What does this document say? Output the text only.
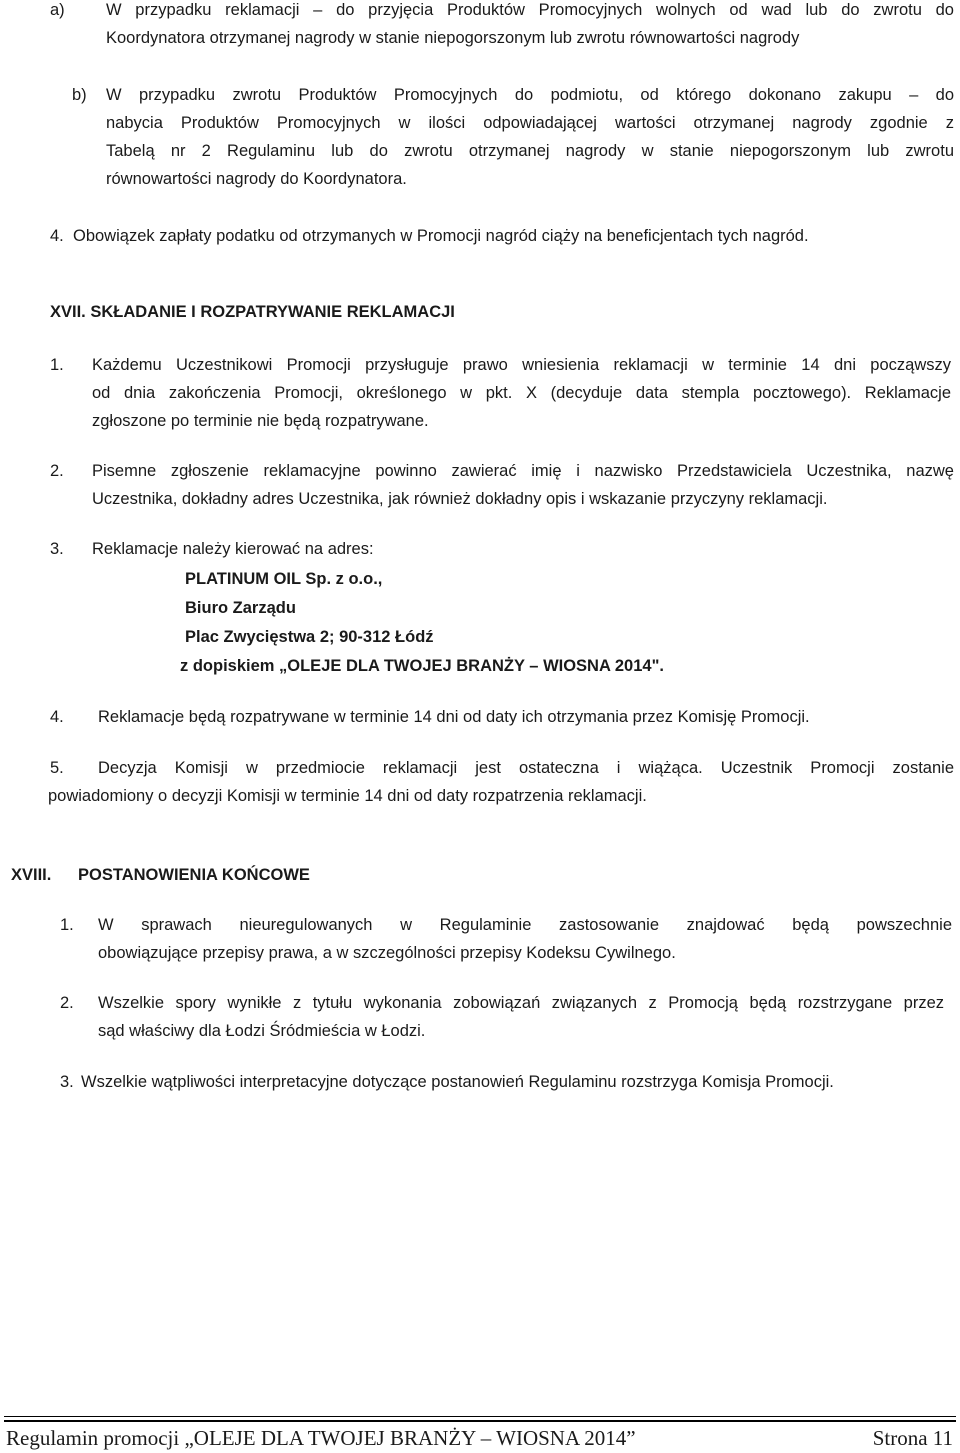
a)	W przypadku reklamacji – do przyjęcia Produktów Promocyjnych wolnych od wad lub do zwrotu do
Koordynatora otrzymanej nagrody w stanie niepogorszonym lub zwrotu równowartości nagrody
b) W przypadku zwrotu Produktów Promocyjnych do podmiotu, od którego dokonano zakupu – do
nabycia Produktów Promocyjnych w ilości odpowiadającej wartości otrzymanej nagrody zgodnie z
Tabelą nr 2 Regulaminu lub do zwrotu otrzymanej nagrody w stanie niepogorszonym lub zwrotu
równowartości nagrody do Koordynatora.
4. Obowiązek zapłaty podatku od otrzymanych w Promocji nagród ciąży na beneficjentach tych nagród.
XVII. SKŁADANIE I ROZPATRYWANIE REKLAMACJI
1. Każdemu Uczestnikowi Promocji przysługuje prawo wniesienia reklamacji w terminie 14 dni począwszy
od dnia zakończenia Promocji, określonego w pkt. X (decyduje data stempla pocztowego). Reklamacje
zgłoszone po terminie nie będą rozpatrywane.
2. Pisemne zgłoszenie reklamacyjne powinno zawierać imię i nazwisko Przedstawiciela Uczestnika, nazwę
Uczestnika, dokładny adres Uczestnika, jak również dokładny opis i wskazanie przyczyny reklamacji.
3. Reklamacje należy kierować na adres:
PLATINUM OIL Sp. z o.o.,
Biuro Zarządu
Plac Zwycięstwa 2; 90-312 Łódź
z dopiskiem „OLEJE DLA TWOJEJ BRANŻY – WIOSNA 2014".
4. Reklamacje będą rozpatrywane w terminie 14 dni od daty ich otrzymania przez Komisję Promocji.
5. Decyzja Komisji w przedmiocie reklamacji jest ostateczna i wiążąca. Uczestnik Promocji zostanie
powiadomiony o decyzji Komisji w terminie 14 dni od daty rozpatrzenia reklamacji.
XVIII. POSTANOWIENIA KOŃCOWE
1. W sprawach nieuregulowanych w Regulaminie zastosowanie znajdować będą powszechnie
obowiązujące przepisy prawa, a w szczególności przepisy Kodeksu Cywilnego.
2. Wszelkie spory wynikłe z tytułu wykonania zobowiązań związanych z Promocją będą rozstrzygane przez
sąd właściwy dla Łodzi Śródmieścia w Łodzi.
3. Wszelkie wątpliwości interpretacyjne dotyczące postanowień Regulaminu rozstrzyga Komisja Promocji.
Regulamin promocji „OLEJE DLA TWOJEJ BRANŻY – WIOSNA 2014”	Strona 11
